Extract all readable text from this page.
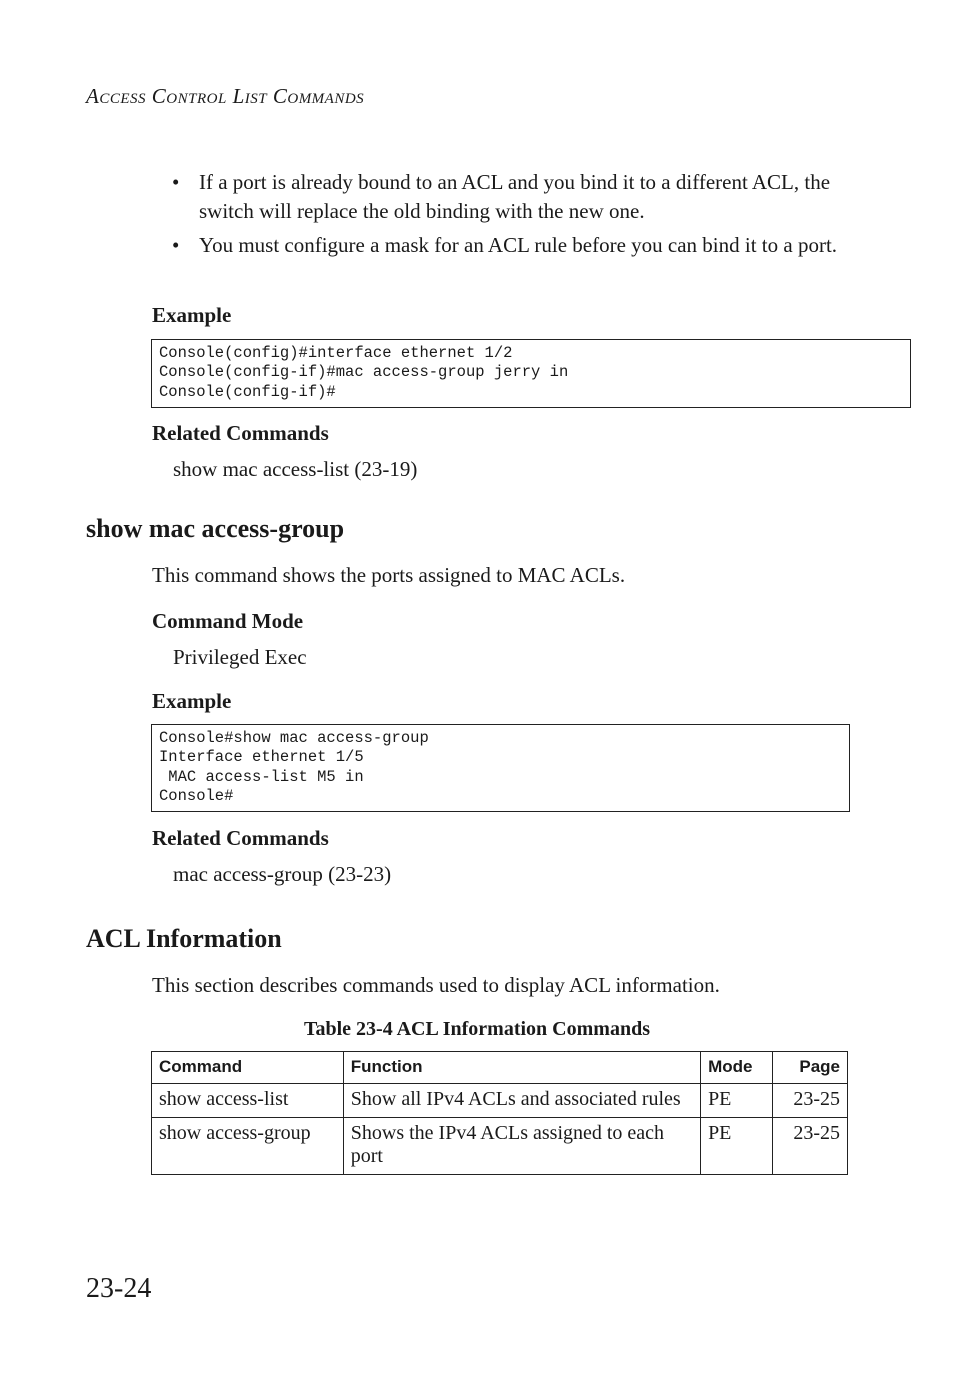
ACCESS CONTROL LIST COMMANDS
• If a port is already bound to an ACL and you bind it to a different ACL, the switch will replace the old binding with the new one.
• You must configure a mask for an ACL rule before you can bind it to a port.
Example
Console(config)#interface ethernet 1/2
Console(config-if)#mac access-group jerry in
Console(config-if)#
Related Commands
show mac access-list (23-19)
show mac access-group
This command shows the ports assigned to MAC ACLs.
Command Mode
Privileged Exec
Example
Console#show mac access-group
Interface ethernet 1/5
MAC access-list M5 in
Console#
Related Commands
mac access-group (23-23)
ACL Information
This section describes commands used to display ACL information.
Table 23-4 ACL Information Commands
Command	Function	Mode	Page
show access-list	Show all IPv4 ACLs and associated rules	PE	23-25
show access-group	Shows the IPv4 ACLs assigned to each port	PE	23-25
23-24
